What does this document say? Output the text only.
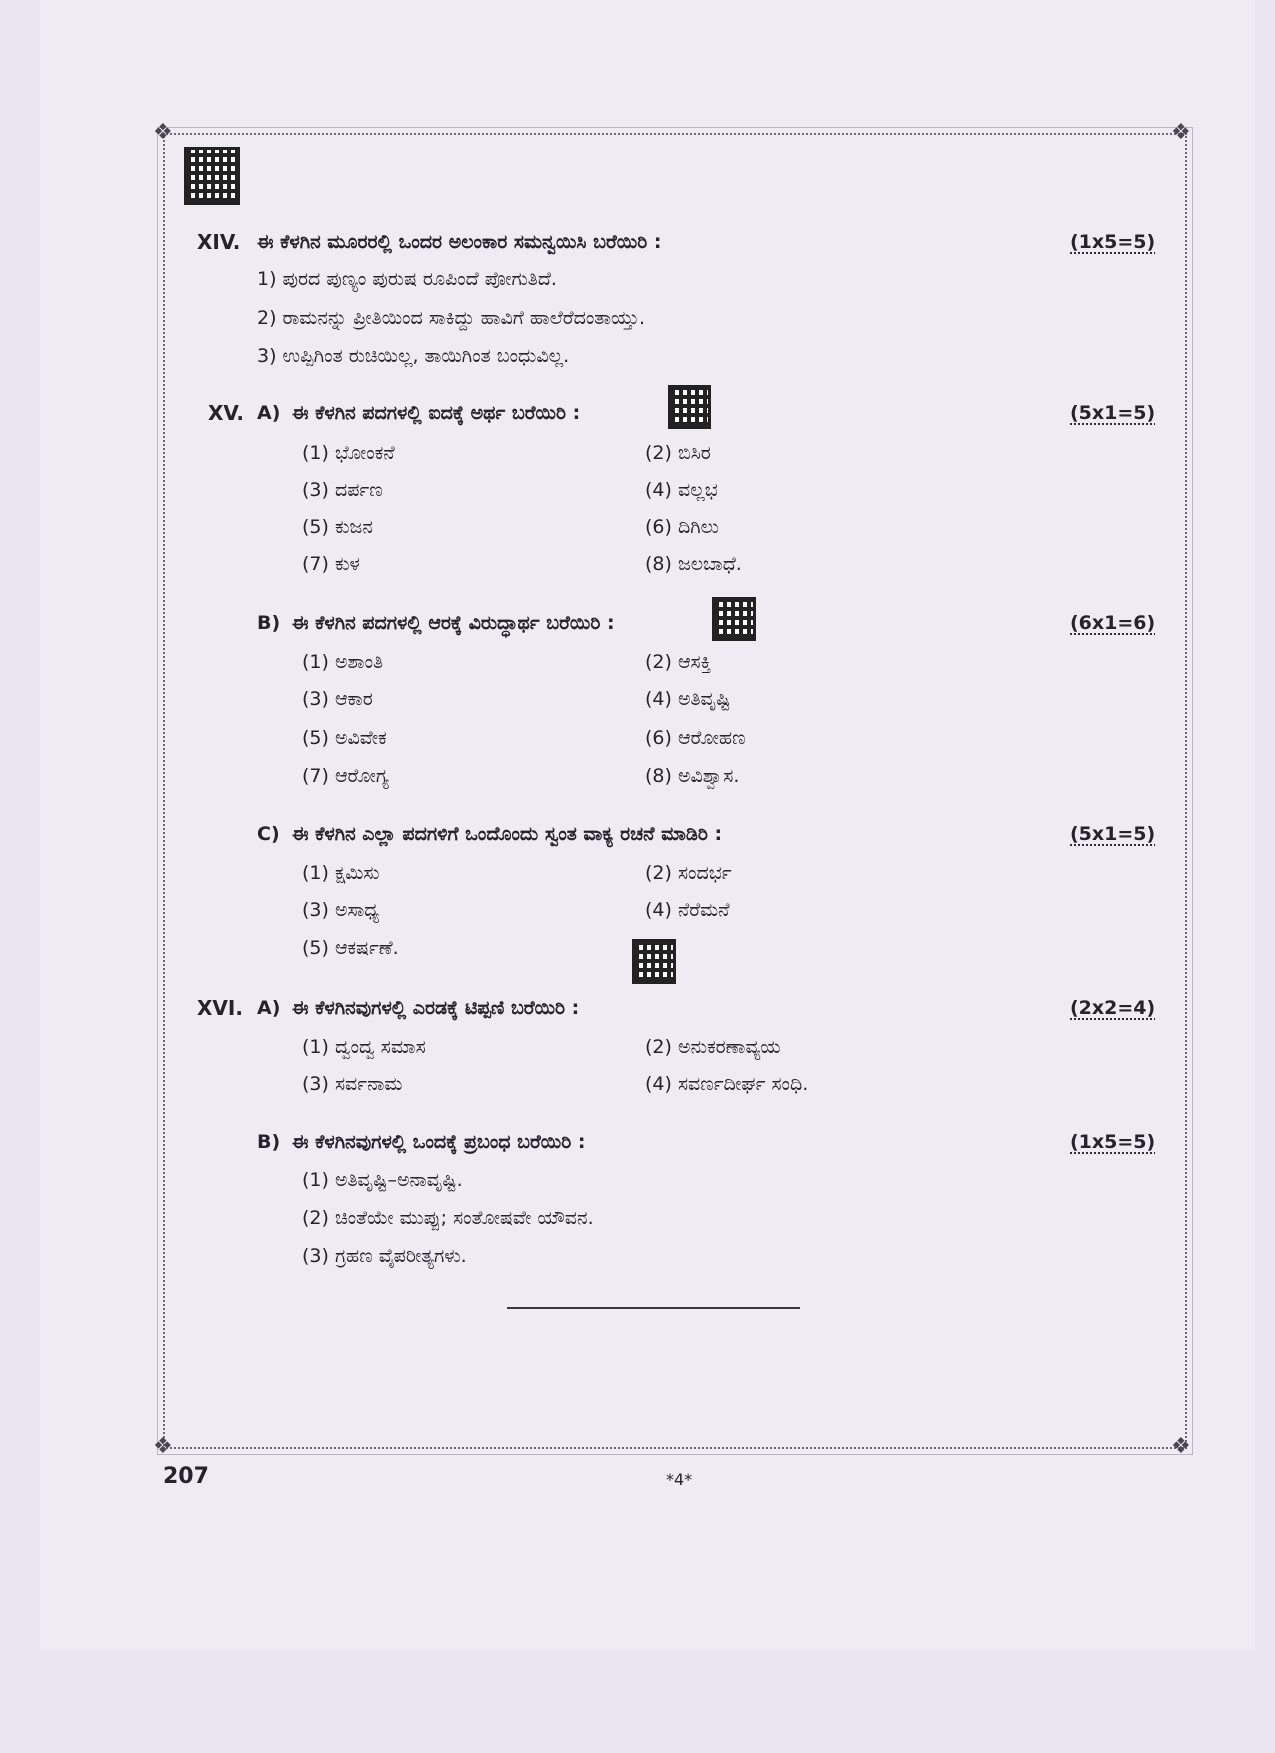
❖	❖
❖	❖
XIV. ಈ ಕೆಳಗಿನ ಮೂರರಲ್ಲಿ ಒಂದರ ಅಲಂಕಾರ ಸಮನ್ವಯಿಸಿ ಬರೆಯಿರಿ :	(1x5=5)
1) ಪುರದ ಪುಣ್ಯಂ ಪುರುಷ ರೂಪಿಂದೆ ಪೋಗುತಿದೆ.
2) ರಾಮನನ್ನು ಪ್ರೀತಿಯಿಂದ ಸಾಕಿದ್ದು ಹಾವಿಗೆ ಹಾಲೆರೆದಂತಾಯ್ತು.
3) ಉಪ್ಪಿಗಿಂತ ರುಚಿಯಿಲ್ಲ, ತಾಯಿಗಿಂತ ಬಂಧುವಿಲ್ಲ.
XV. A) ಈ ಕೆಳಗಿನ ಪದಗಳಲ್ಲಿ ಐದಕ್ಕೆ ಅರ್ಥ ಬರೆಯಿರಿ :	(5x1=5)
(1) ಭೋಂಕನೆ	(2) ಬಿಸಿರ
(3) ದರ್ಪಣ	(4) ವಲ್ಲಭ
(5) ಕುಜನ	(6) ದಿಗಿಲು
(7) ಕುಳ	(8) ಜಲಬಾಧೆ.
B) ಈ ಕೆಳಗಿನ ಪದಗಳಲ್ಲಿ ಆರಕ್ಕೆ ವಿರುದ್ಧಾರ್ಥ ಬರೆಯಿರಿ :	(6x1=6)
(1) ಅಶಾಂತಿ	(2) ಆಸಕ್ತಿ
(3) ಆಕಾರ	(4) ಅತಿವೃಷ್ಟಿ
(5) ಅವಿವೇಕ	(6) ಆರೋಹಣ
(7) ಆರೋಗ್ಯ	(8) ಅವಿಶ್ವಾಸ.
C) ಈ ಕೆಳಗಿನ ಎಲ್ಲಾ ಪದಗಳಿಗೆ ಒಂದೊಂದು ಸ್ವಂತ ವಾಕ್ಯ ರಚನೆ ಮಾಡಿರಿ :	(5x1=5)
(1) ಕ್ಷಮಿಸು	(2) ಸಂದರ್ಭ
(3) ಅಸಾಧ್ಯ	(4) ನೆರೆಮನೆ
(5) ಆಕರ್ಷಣೆ.
XVI. A) ಈ ಕೆಳಗಿನವುಗಳಲ್ಲಿ ಎರಡಕ್ಕೆ ಟಿಪ್ಪಣಿ ಬರೆಯಿರಿ :	(2x2=4)
(1) ದ್ವಂದ್ವ ಸಮಾಸ	(2) ಅನುಕರಣಾವ್ಯಯ
(3) ಸರ್ವನಾಮ	(4) ಸವರ್ಣದೀರ್ಘ ಸಂಧಿ.
B) ಈ ಕೆಳಗಿನವುಗಳಲ್ಲಿ ಒಂದಕ್ಕೆ ಪ್ರಬಂಧ ಬರೆಯಿರಿ :	(1x5=5)
(1) ಅತಿವೃಷ್ಟಿ–ಅನಾವೃಷ್ಟಿ.
(2) ಚಿಂತೆಯೇ ಮುಪ್ಪು; ಸಂತೋಷವೇ ಯೌವನ.
(3) ಗ್ರಹಣ ವೈಪರೀತ್ಯಗಳು.
207	*4*
